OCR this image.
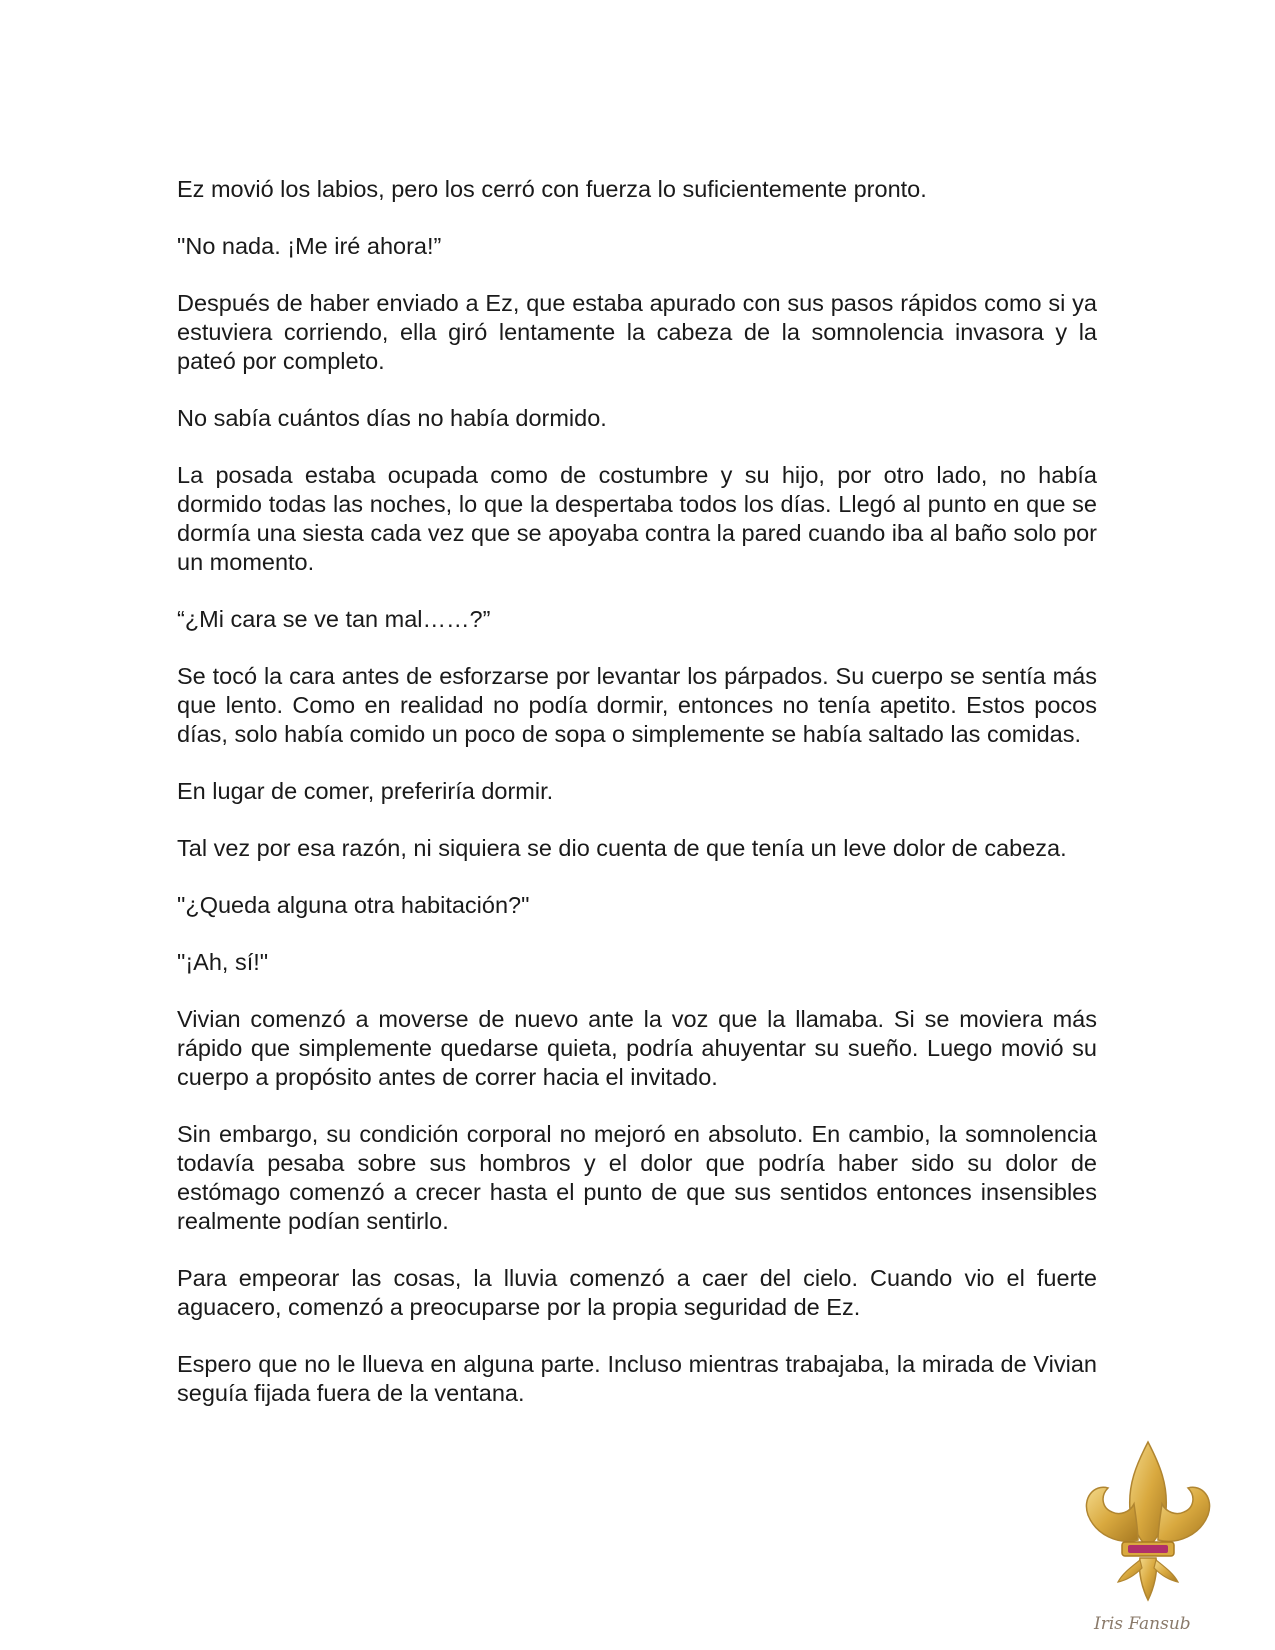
Ez movió los labios, pero los cerró con fuerza lo suficientemente pronto.

"No nada. ¡Me iré ahora!”

Después de haber enviado a Ez, que estaba apurado con sus pasos rápidos como si ya estuviera corriendo, ella giró lentamente la cabeza de la somnolencia invasora y la pateó por completo.

No sabía cuántos días no había dormido.

La posada estaba ocupada como de costumbre y su hijo, por otro lado, no había dormido todas las noches, lo que la despertaba todos los días. Llegó al punto en que se dormía una siesta cada vez que se apoyaba contra la pared cuando iba al baño solo por un momento.

“¿Mi cara se ve tan mal……?”

Se tocó la cara antes de esforzarse por levantar los párpados. Su cuerpo se sentía más que lento. Como en realidad no podía dormir, entonces no tenía apetito. Estos pocos días, solo había comido un poco de sopa o simplemente se había saltado las comidas.

En lugar de comer, preferiría dormir.

Tal vez por esa razón, ni siquiera se dio cuenta de que tenía un leve dolor de cabeza.

"¿Queda alguna otra habitación?"

"¡Ah, sí!"

Vivian comenzó a moverse de nuevo ante la voz que la llamaba. Si se moviera más rápido que simplemente quedarse quieta, podría ahuyentar su sueño. Luego movió su cuerpo a propósito antes de correr hacia el invitado.

Sin embargo, su condición corporal no mejoró en absoluto. En cambio, la somnolencia todavía pesaba sobre sus hombros y el dolor que podría haber sido su dolor de estómago comenzó a crecer hasta el punto de que sus sentidos entonces insensibles realmente podían sentirlo.

Para empeorar las cosas, la lluvia comenzó a caer del cielo. Cuando vio el fuerte aguacero, comenzó a preocuparse por la propia seguridad de Ez.

Espero que no le llueva en alguna parte. Incluso mientras trabajaba, la mirada de Vivian seguía fijada fuera de la ventana.

Iris Fansub
